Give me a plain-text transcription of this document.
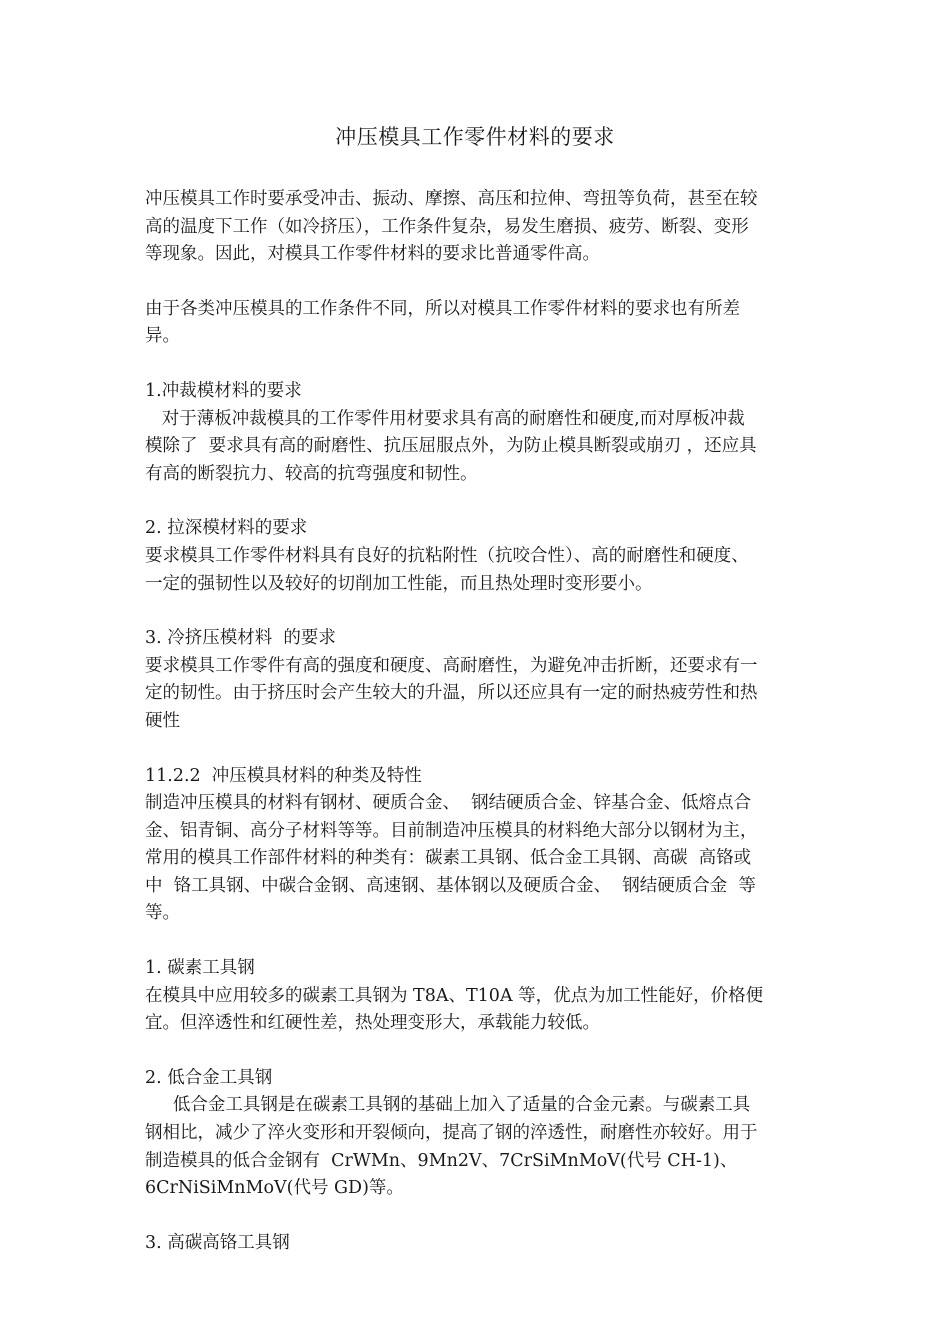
冲压模具工作零件材料的要求
冲压模具工作时要承受冲击、振动、摩擦、高压和拉伸、弯扭等负荷，甚至在较
高的温度下工作（如冷挤压），工作条件复杂，易发生磨损、疲劳、断裂、变形
等现象。因此，对模具工作零件材料的要求比普通零件高。
由于各类冲压模具的工作条件不同，所以对模具工作零件材料的要求也有所差
异。
1.冲裁模材料的要求
对于薄板冲裁模具的工作零件用材要求具有高的耐磨性和硬度,而对厚板冲裁
模除了  要求具有高的耐磨性、抗压屈服点外，为防止模具断裂或崩刃 ，还应具
有高的断裂抗力、较高的抗弯强度和韧性。
2. 拉深模材料的要求
要求模具工作零件材料具有良好的抗粘附性（抗咬合性）、高的耐磨性和硬度、
一定的强韧性以及较好的切削加工性能，而且热处理时变形要小。
3. 冷挤压模材料  的要求
要求模具工作零件有高的强度和硬度、高耐磨性，为避免冲击折断，还要求有一
定的韧性。由于挤压时会产生较大的升温，所以还应具有一定的耐热疲劳性和热
硬性
11.2.2  冲压模具材料的种类及特性
制造冲压模具的材料有钢材、硬质合金、  钢结硬质合金、锌基合金、低熔点合
金、铝青铜、高分子材料等等。目前制造冲压模具的材料绝大部分以钢材为主，
常用的模具工作部件材料的种类有：碳素工具钢、低合金工具钢、高碳  高铬或
中  铬工具钢、中碳合金钢、高速钢、基体钢以及硬质合金、  钢结硬质合金  等
等。
1. 碳素工具钢
在模具中应用较多的碳素工具钢为 T8A、T10A 等，优点为加工性能好，价格便
宜。但淬透性和红硬性差，热处理变形大，承载能力较低。
2. 低合金工具钢
低合金工具钢是在碳素工具钢的基础上加入了适量的合金元素。与碳素工具
钢相比，减少了淬火变形和开裂倾向，提高了钢的淬透性，耐磨性亦较好。用于
制造模具的低合金钢有  CrWMn、9Mn2V、7CrSiMnMoV(代号 CH-1)、
6CrNiSiMnMoV(代号 GD)等。
3. 高碳高铬工具钢
